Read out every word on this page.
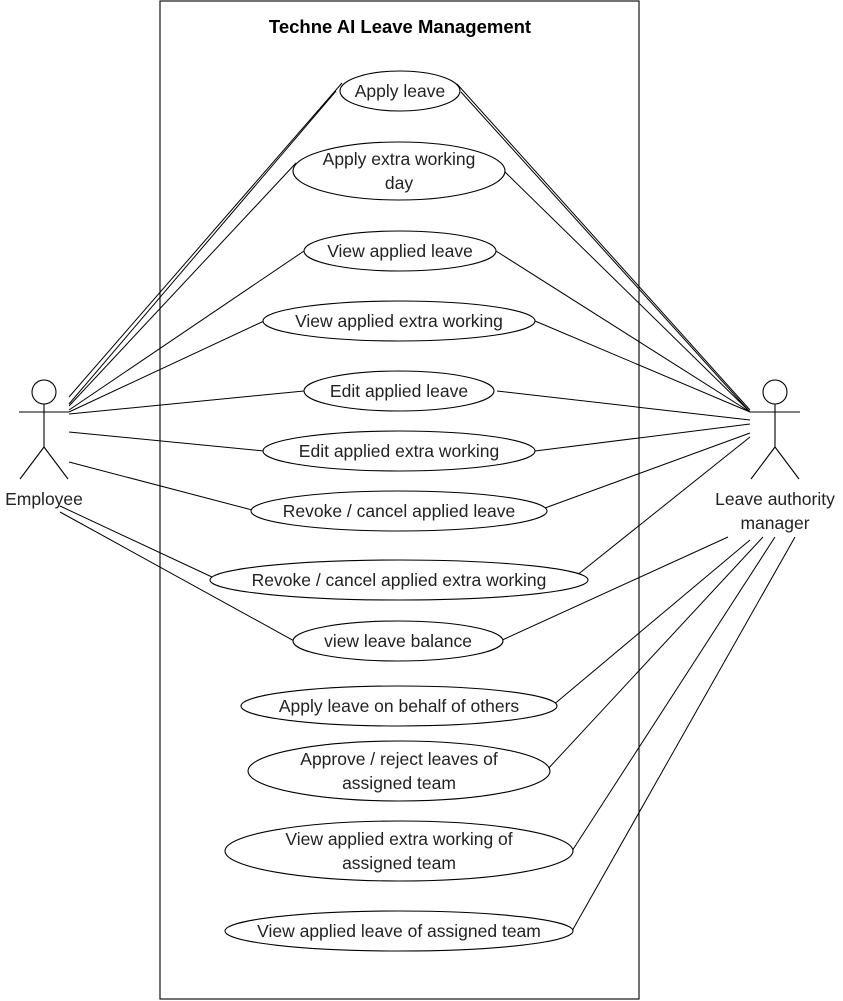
Techne AI Leave Management
Apply leave
Apply extra working
day
View applied leave
View applied extra working
Edit applied leave
Edit applied extra working
Revoke / cancel applied leave
Revoke / cancel applied extra working
view leave balance
Apply leave on behalf of others
Approve / reject leaves of
assigned team
View applied extra working of
assigned team
View applied leave of assigned team
Employee	Leave authority
manager
